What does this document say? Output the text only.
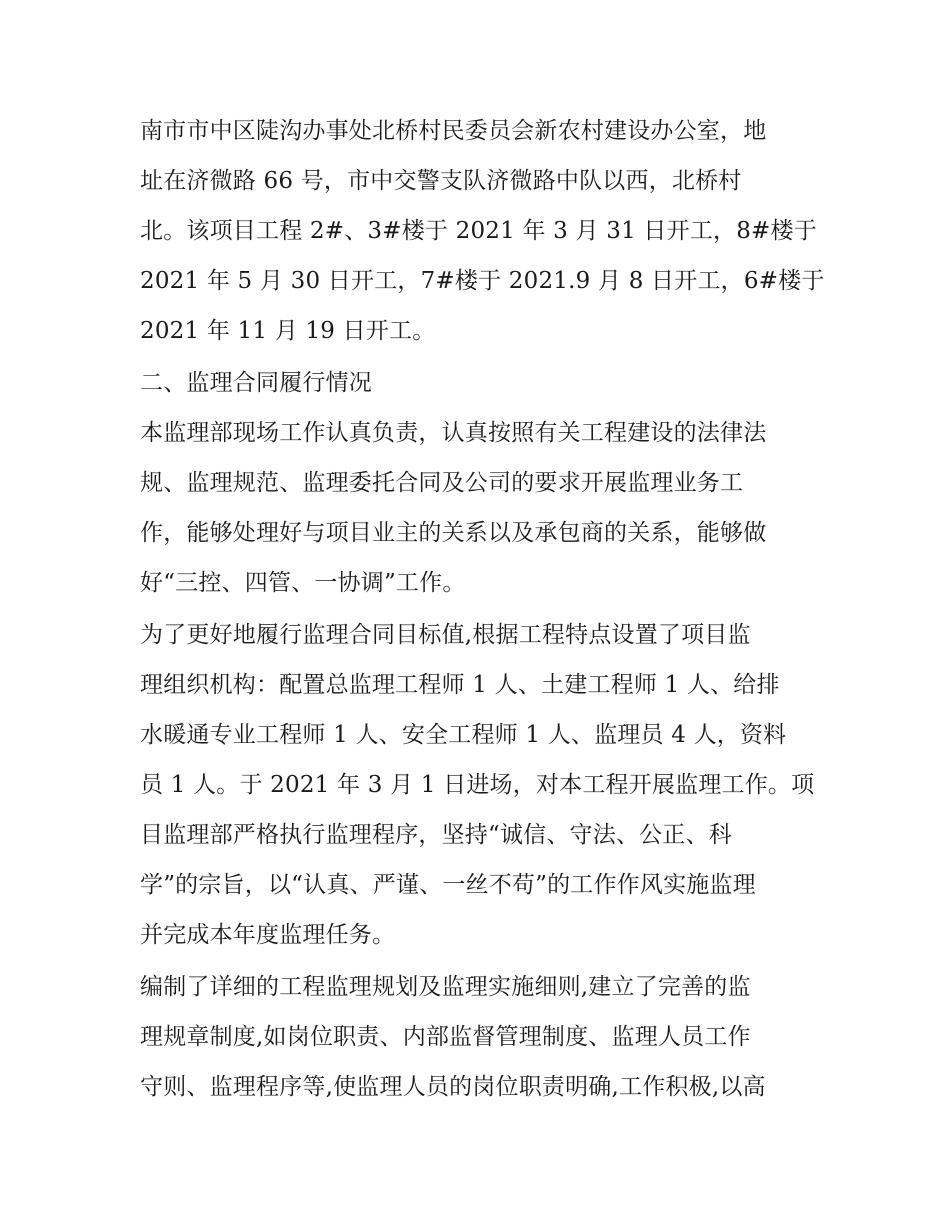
南市市中区陡沟办事处北桥村民委员会新农村建设办公室，地
址在济微路 66 号，市中交警支队济微路中队以西，北桥村
北。该项目工程 2#、3#楼于 2021 年 3 月 31 日开工，8#楼于
2021 年 5 月 30 日开工，7#楼于 2021.9 月 8 日开工，6#楼于
2021 年 11 月 19 日开工。
二、监理合同履行情况
本监理部现场工作认真负责，认真按照有关工程建设的法律法
规、监理规范、监理委托合同及公司的要求开展监理业务工
作，能够处理好与项目业主的关系以及承包商的关系，能够做
好“三控、四管、一协调”工作。
为了更好地履行监理合同目标值,根据工程特点设置了项目监
理组织机构：配置总监理工程师 1 人、土建工程师 1 人、给排
水暖通专业工程师 1 人、安全工程师 1 人、监理员 4 人，资料
员 1 人。于 2021 年 3 月 1 日进场，对本工程开展监理工作。项
目监理部严格执行监理程序，坚持“诚信、守法、公正、科
学”的宗旨，以“认真、严谨、一丝不苟”的工作作风实施监理
并完成本年度监理任务。
编制了详细的工程监理规划及监理实施细则,建立了完善的监
理规章制度,如岗位职责、内部监督管理制度、监理人员工作
守则、监理程序等,使监理人员的岗位职责明确,工作积极,以高
